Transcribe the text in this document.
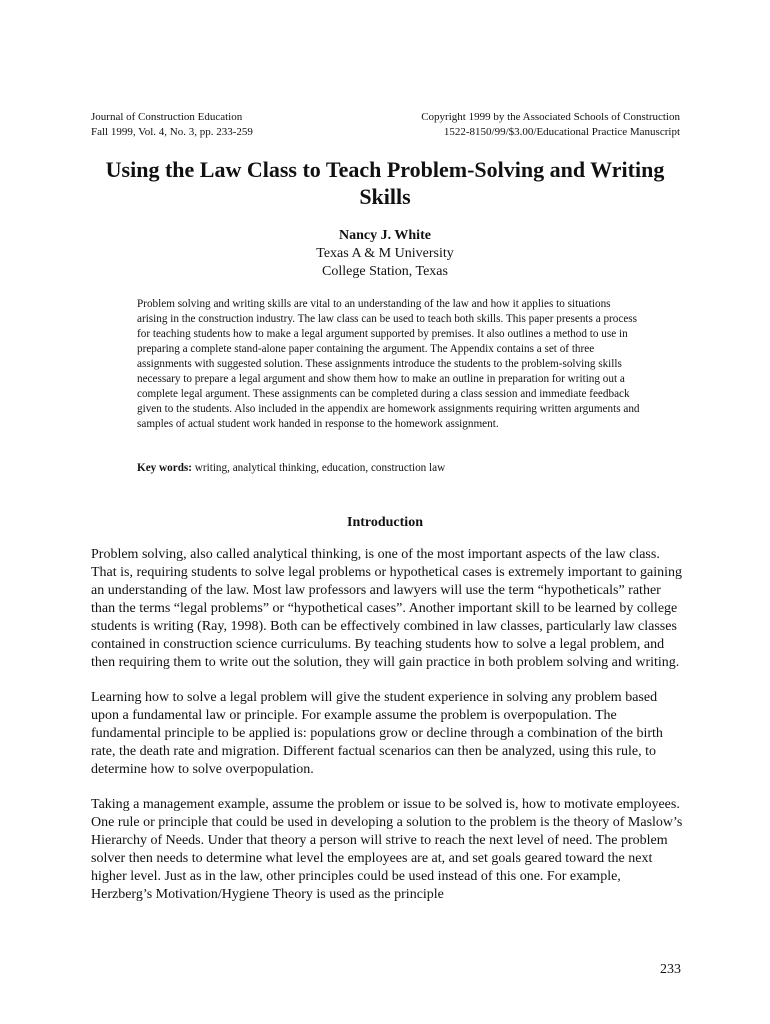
Journal of Construction Education
Fall 1999, Vol. 4, No. 3, pp. 233-259
Copyright 1999 by the Associated Schools of Construction
1522-8150/99/$3.00/Educational Practice Manuscript
Using the Law Class to Teach Problem-Solving and Writing Skills
Nancy J. White
Texas A & M University
College Station, Texas

Problem solving and writing skills are vital to an understanding of the law and how it applies to situations arising in the construction industry. The law class can be used to teach both skills. This paper presents a process for teaching students how to make a legal argument supported by premises. It also outlines a method to use in preparing a complete stand-alone paper containing the argument. The Appendix contains a set of three assignments with suggested solution. These assignments introduce the students to the problem-solving skills necessary to prepare a legal argument and show them how to make an outline in preparation for writing out a complete legal argument. These assignments can be completed during a class session and immediate feedback given to the students. Also included in the appendix are homework assignments requiring written arguments and samples of actual student work handed in response to the homework assignment.

Key words: writing, analytical thinking, education, construction law
Introduction

Problem solving, also called analytical thinking, is one of the most important aspects of the law class. That is, requiring students to solve legal problems or hypothetical cases is extremely important to gaining an understanding of the law. Most law professors and lawyers will use the term “hypotheticals” rather than the terms “legal problems” or “hypothetical cases”. Another important skill to be learned by college students is writing (Ray, 1998). Both can be effectively combined in law classes, particularly law classes contained in construction science curriculums. By teaching students how to solve a legal problem, and then requiring them to write out the solution, they will gain practice in both problem solving and writing.

Learning how to solve a legal problem will give the student experience in solving any problem based upon a fundamental law or principle. For example assume the problem is overpopulation. The fundamental principle to be applied is: populations grow or decline through a combination of the birth rate, the death rate and migration. Different factual scenarios can then be analyzed, using this rule, to determine how to solve overpopulation.

Taking a management example, assume the problem or issue to be solved is, how to motivate employees. One rule or principle that could be used in developing a solution to the problem is the theory of Maslow’s Hierarchy of Needs. Under that theory a person will strive to reach the next level of need. The problem solver then needs to determine what level the employees are at, and set goals geared toward the next higher level. Just as in the law, other principles could be used instead of this one. For example, Herzberg’s Motivation/Hygiene Theory is used as the principle

233
